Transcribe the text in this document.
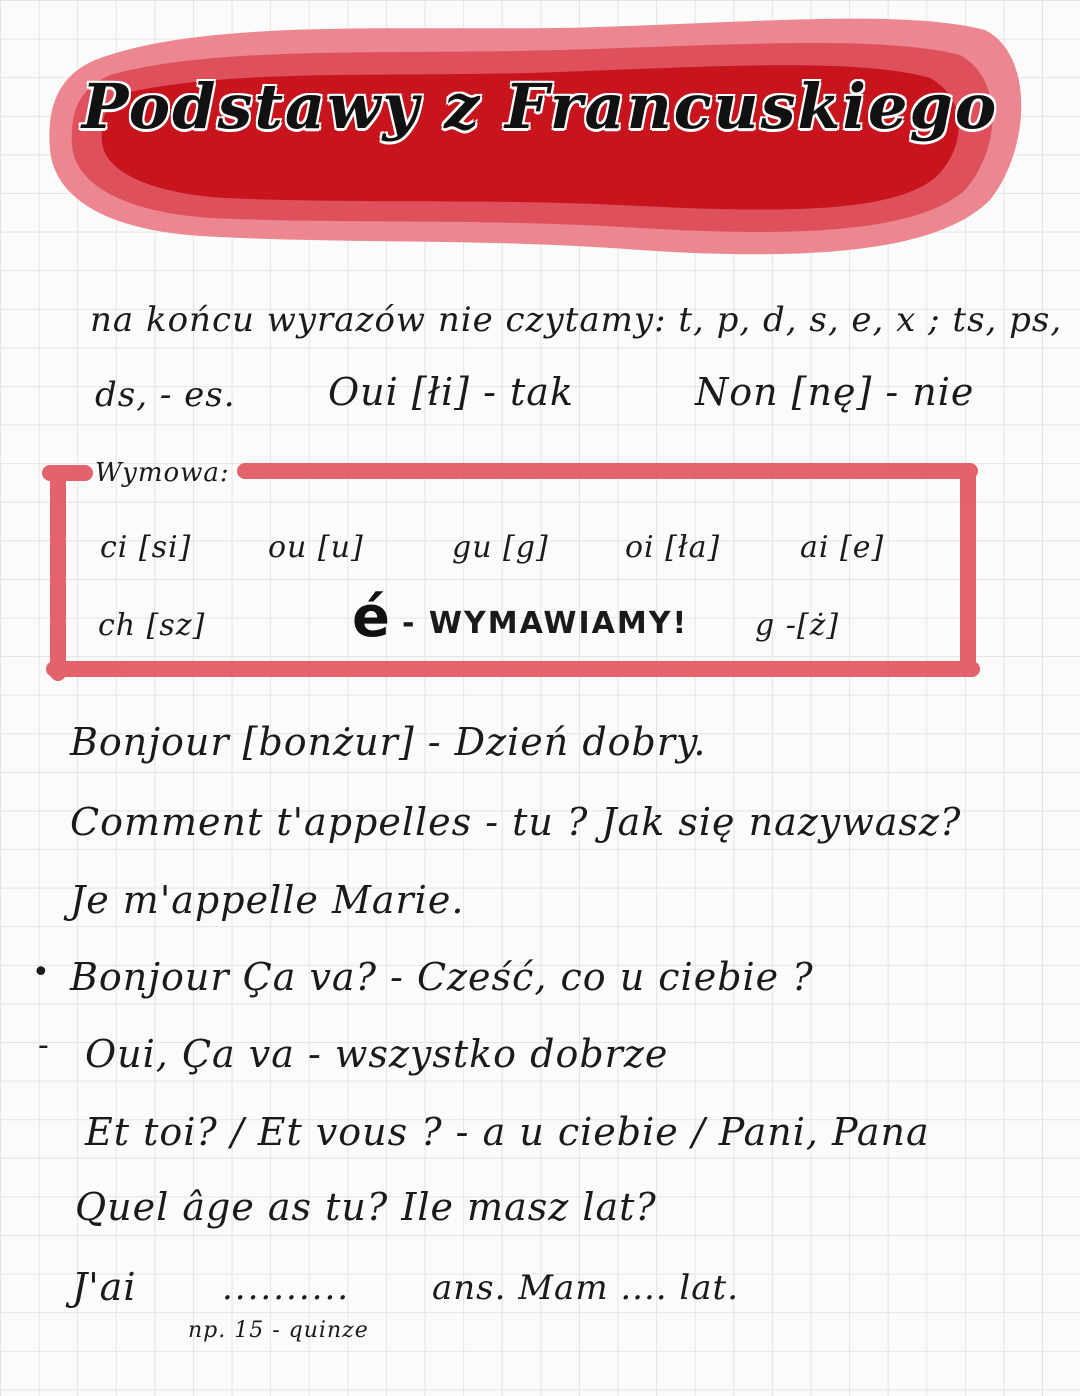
Podstawy z Francuskiego
na końcu wyrazów nie czytamy: t, p, d, s, e, x ; ts, ps,
ds, - es. Oui [łi] - tak	Non [nę] - nie
Wymowa:
ci [si]	ou [u]	gu [g]	oi [ła]	ai [e]
ch [sz]	é - WYMAWIAMY! g -[ż]
Bonjour [bonżur] - Dzień dobry.
Comment t'appelles - tu ? Jak się nazywasz?
Je m'appelle Marie.
• Bonjour Ça va? - Cześć, co u ciebie ?
- Oui, Ça va - wszystko dobrze
Et toi? / Et vous ? - a u ciebie / Pani, Pana
Quel âge as tu? Ile masz lat?
J'ai	.......... ans. Mam .... lat.
np. 15 - quinze
